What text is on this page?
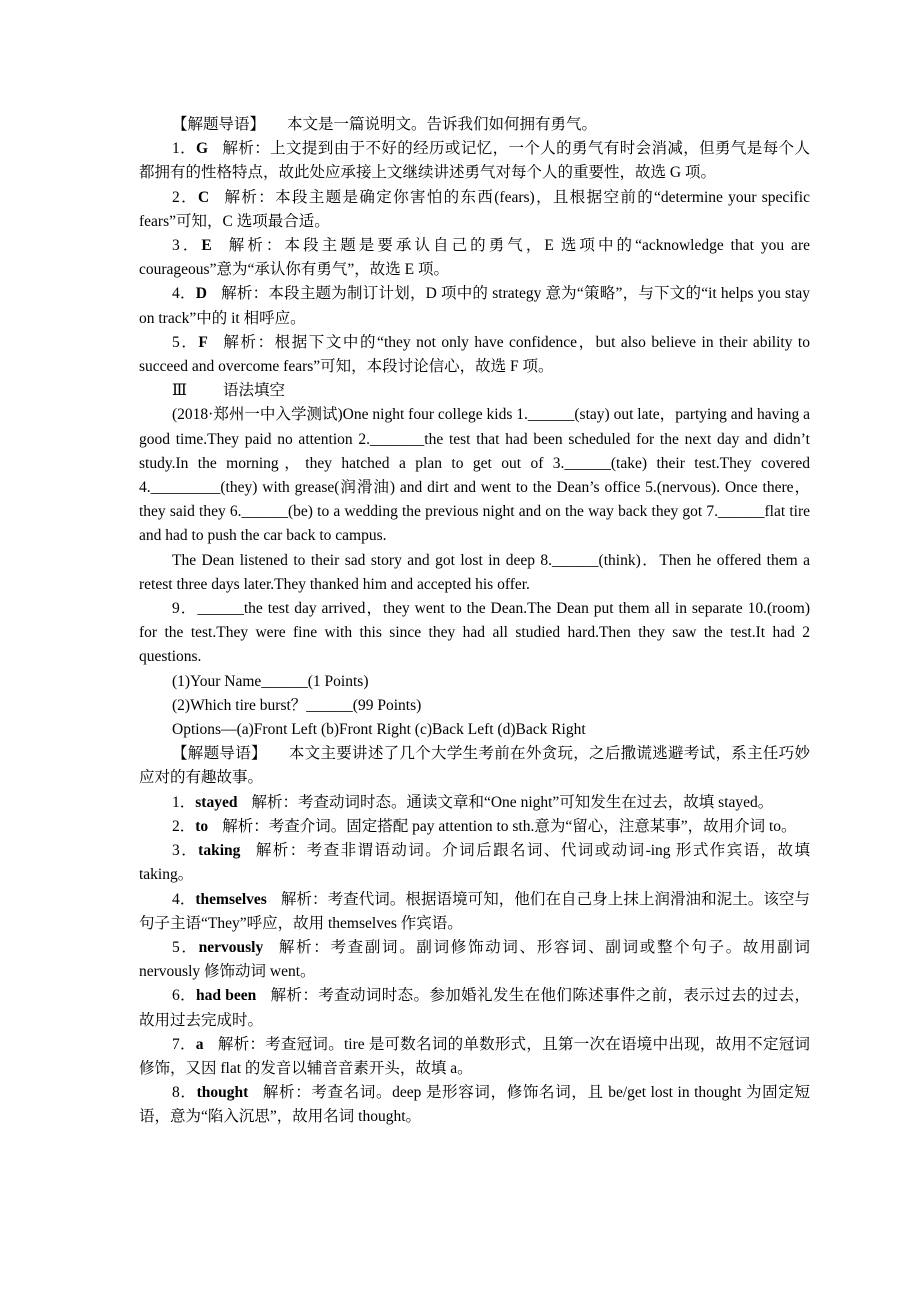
【解题导语】 本文是一篇说明文。告诉我们如何拥有勇气。

1．G 解析：上文提到由于不好的经历或记忆，一个人的勇气有时会消减，但勇气是每个人都拥有的性格特点，故此处应承接上文继续讲述勇气对每个人的重要性，故选 G 项。

2．C 解析：本段主题是确定你害怕的东西(fears)，且根据空前的“determine your specific fears”可知，C 选项最合适。

3．E 解析：本段主题是要承认自己的勇气，E 选项中的“acknowledge that you are courageous”意为“承认你有勇气”，故选 E 项。

4．D 解析：本段主题为制订计划，D 项中的 strategy 意为“策略”，与下文的“it helps you stay on track”中的 it 相呼应。

5．F 解析：根据下文中的“they not only have confidence，but also believe in their ability to succeed and overcome fears”可知，本段讨论信心，故选 F 项。

Ⅲ 语法填空

(2018·郑州一中入学测试)One night four college kids 1.______(stay) out late，partying and having a good time.They paid no attention 2._______the test that had been scheduled for the next day and didn’t study.In the morning，they hatched a plan to get out of 3.______(take) their test.They covered 4._________(they) with grease(润滑油) and dirt and went to the Dean’s office 5.(nervous). Once there，they said they 6.______(be) to a wedding the previous night and on the way back they got 7.______flat tire and had to push the car back to campus.

The Dean listened to their sad story and got lost in deep 8.______(think)．Then he offered them a retest three days later.They thanked him and accepted his offer.

9．______the test day arrived，they went to the Dean.The Dean put them all in separate 10.(room) for the test.They were fine with this since they had all studied hard.Then they saw the test.It had 2 questions.

(1)Your Name______(1 Points)

(2)Which tire burst？______(99 Points)

Options—(a)Front Left (b)Front Right (c)Back Left (d)Back Right

【解题导语】 本文主要讲述了几个大学生考前在外贪玩，之后撒谎逃避考试，系主任巧妙应对的有趣故事。

1．stayed 解析：考查动词时态。通读文章和“One night”可知发生在过去，故填 stayed。

2．to 解析：考查介词。固定搭配 pay attention to sth.意为“留心，注意某事”，故用介词 to。

3．taking 解析：考查非谓语动词。介词后跟名词、代词或动词-ing 形式作宾语，故填 taking。

4．themselves 解析：考查代词。根据语境可知，他们在自己身上抹上润滑油和泥土。该空与句子主语“They”呼应，故用 themselves 作宾语。

5．nervously 解析：考查副词。副词修饰动词、形容词、副词或整个句子。故用副词 nervously 修饰动词 went。

6．had been 解析：考查动词时态。参加婚礼发生在他们陈述事件之前，表示过去的过去，故用过去完成时。

7．a 解析：考查冠词。tire 是可数名词的单数形式，且第一次在语境中出现，故用不定冠词修饰，又因 flat 的发音以辅音音素开头，故填 a。

8．thought 解析：考查名词。deep 是形容词，修饰名词，且 be/get lost in thought 为固定短语，意为“陷入沉思”，故用名词 thought。
